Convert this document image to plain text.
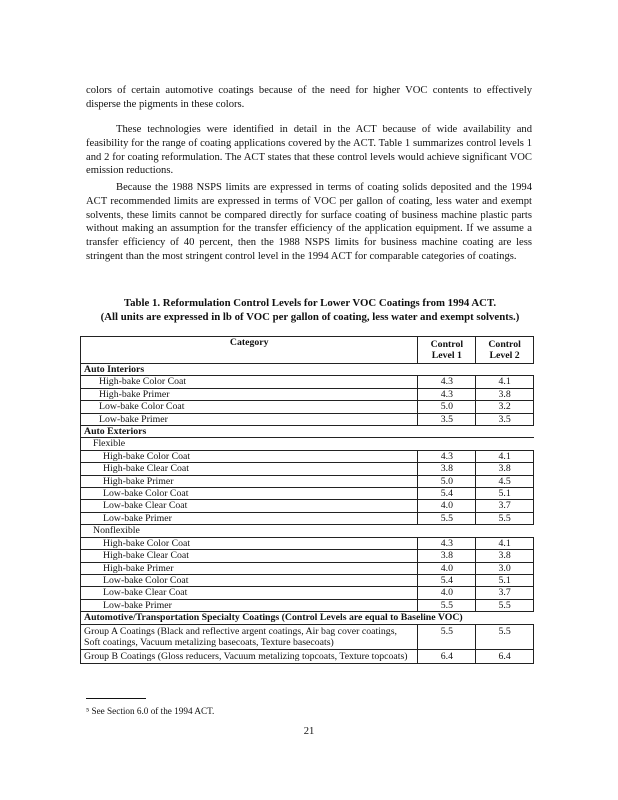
colors of certain automotive coatings because of the need for higher VOC contents to effectively disperse the pigments in these colors.

These technologies were identified in detail in the ACT because of wide availability and feasibility for the range of coating applications covered by the ACT. Table 1 summarizes control levels 1 and 2 for coating reformulation. The ACT states that these control levels would achieve significant VOC emission reductions.

Because the 1988 NSPS limits are expressed in terms of coating solids deposited and the 1994 ACT recommended limits are expressed in terms of VOC per gallon of coating, less water and exempt solvents, these limits cannot be compared directly for surface coating of business machine plastic parts without making an assumption for the transfer efficiency of the application equipment. If we assume a transfer efficiency of 40 percent, then the 1988 NSPS limits for business machine coating are less stringent than the most stringent control level in the 1994 ACT for comparable categories of coatings.

Table 1. Reformulation Control Levels for Lower VOC Coatings from 1994 ACT.
(All units are expressed in lb of VOC per gallon of coating, less water and exempt solvents.)
Category	Control Level 1	Control Level 2
Auto Interiors		
High-bake Color Coat	4.3	4.1
High-bake Primer	4.3	3.8
Low-bake Color Coat	5.0	3.2
Low-bake Primer	3.5	3.5
Auto Exteriors		
Flexible		
High-bake Color Coat	4.3	4.1
High-bake Clear Coat	3.8	3.8
High-bake Primer	5.0	4.5
Low-bake Color Coat	5.4	5.1
Low-bake Clear Coat	4.0	3.7
Low-bake Primer	5.5	5.5
Nonflexible		
High-bake Color Coat	4.3	4.1
High-bake Clear Coat	3.8	3.8
High-bake Primer	4.0	3.0
Low-bake Color Coat	5.4	5.1
Low-bake Clear Coat	4.0	3.7
Low-bake Primer	5.5	5.5
Automotive/Transportation Specialty Coatings (Control Levels are equal to Baseline VOC)		
Group A Coatings (Black and reflective argent coatings, Air bag cover coatings, Soft coatings, Vacuum metalizing basecoats, Texture basecoats)	5.5	5.5
Group B Coatings (Gloss reducers, Vacuum metalizing topcoats, Texture topcoats)	6.4	6.4
⁵ See Section 6.0 of the 1994 ACT.
21
